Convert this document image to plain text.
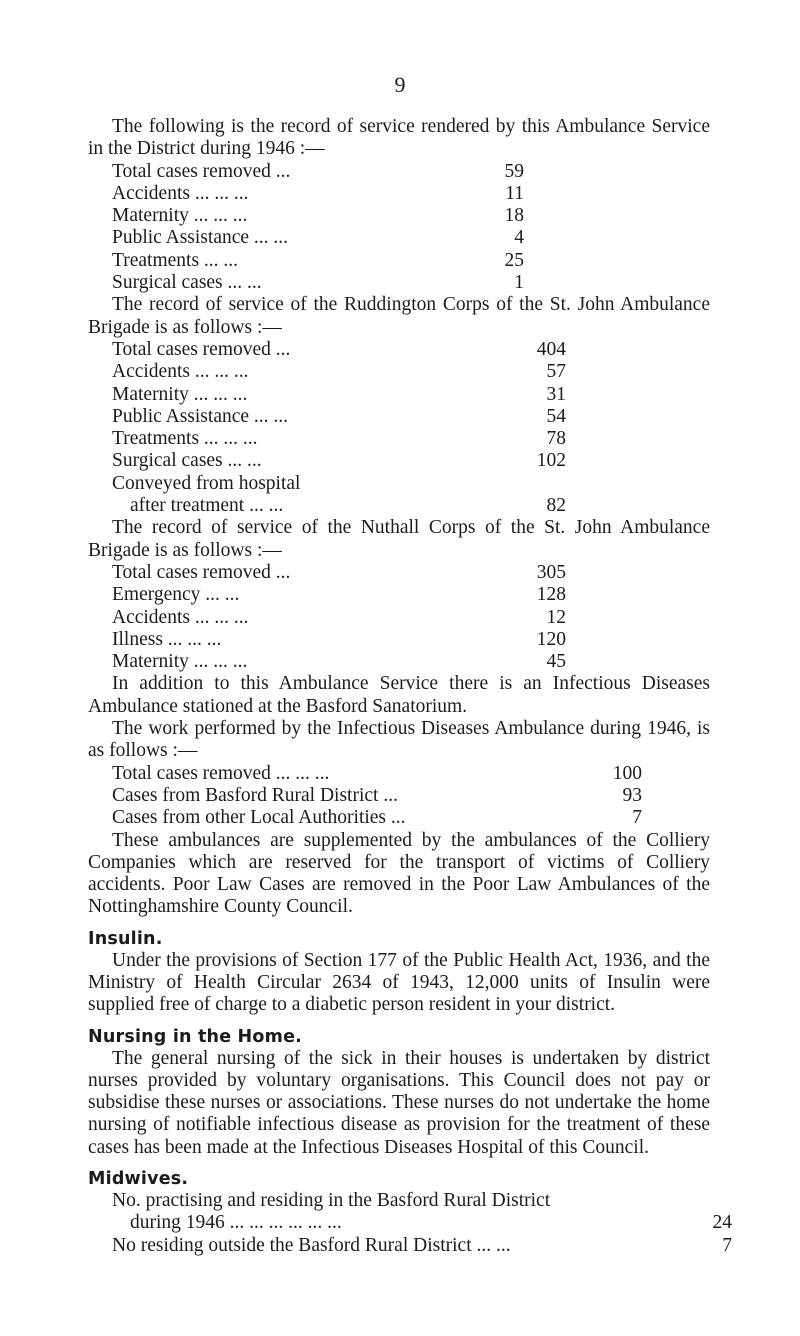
9

The following is the record of service rendered by this Ambulance Service in the District during 1946 :—

Total cases removed ...	59
Accidents ... ... ...	11
Maternity ... ... ...	18
Public Assistance ... ...	4
Treatments ... ...	25
Surgical cases ... ...	1

The record of service of the Ruddington Corps of the St. John Ambulance Brigade is as follows :—

Total cases removed ...	404
Accidents ... ... ...	57
Maternity ... ... ...	31
Public Assistance ... ...	54
Treatments ... ... ...	78
Surgical cases ... ...	102
Conveyed from hospital
after treatment ... ...	82

The record of service of the Nuthall Corps of the St. John Ambulance Brigade is as follows :—

Total cases removed ...	305
Emergency ... ...	128
Accidents ... ... ...	12
Illness ... ... ...	120
Maternity ... ... ...	45

In addition to this Ambulance Service there is an Infectious Diseases Ambulance stationed at the Basford Sanatorium.

The work performed by the Infectious Diseases Ambulance during 1946, is as follows :—

Total cases removed ... ... ...	100
Cases from Basford Rural District ...	93
Cases from other Local Authorities ...	7

These ambulances are supplemented by the ambulances of the Colliery Companies which are reserved for the transport of victims of Colliery accidents. Poor Law Cases are removed in the Poor Law Ambulances of the Nottinghamshire County Council.

Insulin.

Under the provisions of Section 177 of the Public Health Act, 1936, and the Ministry of Health Circular 2634 of 1943, 12,000 units of Insulin were supplied free of charge to a diabetic person resident in your district.

Nursing in the Home.

The general nursing of the sick in their houses is undertaken by district nurses provided by voluntary organisations. This Council does not pay or subsidise these nurses or associations. These nurses do not undertake the home nursing of notifiable infectious disease as provision for the treatment of these cases has been made at the Infectious Diseases Hospital of this Council.

Midwives.
No. practising and residing in the Basford Rural District
during 1946 ... ... ... ... ... ...	24
No residing outside the Basford Rural District ... ...	7
